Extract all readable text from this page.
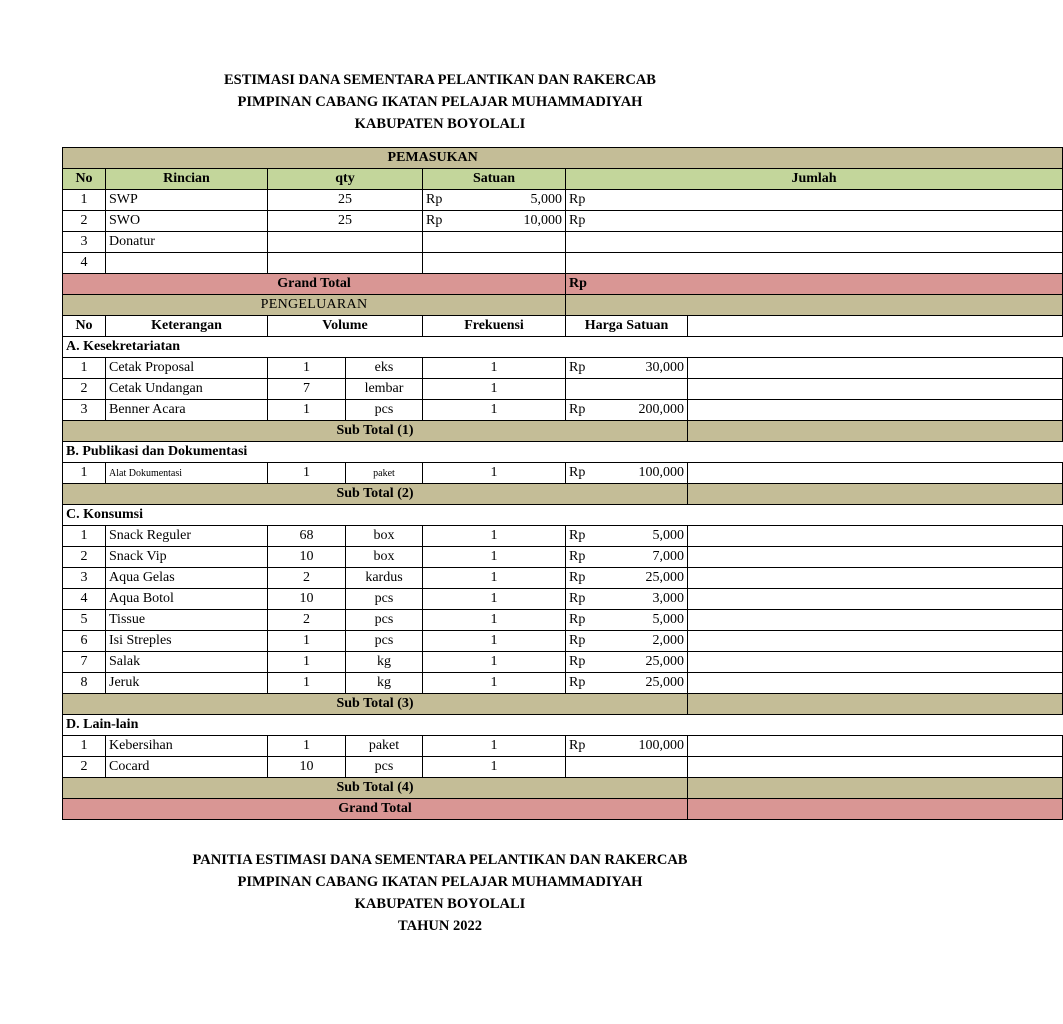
ESTIMASI DANA SEMENTARA PELANTIKAN DAN RAKERCAB
PIMPINAN CABANG IKATAN PELAJAR MUHAMMADIYAH
KABUPATEN BOYOLALI
					PEMASUKAN	
No	Rincian	qty		Satuan	Jumlah	
1	SWP	25		Rp 5,000	Rp	
2	SWO	25		Rp 10,000	Rp	
3	Donatur				

4					

Grand Total					Rp	
PENGELUARAN						
No	Keterangan	Volume		Frekuensi	Harga Satuan	
A. Kesekretariatan						
1	Cetak Proposal	1	eks	1	Rp 30,000	

2	Cetak Undangan	7	lembar	1	

3	Benner Acara	1	pcs	1	Rp 200,000	

Sub Total (1)						
B. Publikasi dan Dokumentasi						
1	Alat Dokumentasi	1	paket	1	Rp 100,000	

Sub Total (2)						
C. Konsumsi						
1	Snack Reguler	68	box	1	Rp 5,000	

2	Snack Vip	10	box	1	Rp 7,000	

3	Aqua Gelas	2	kardus	1	Rp 25,000	

4	Aqua Botol	10	pcs	1	Rp 3,000	

5	Tissue	2	pcs	1	Rp 5,000	

6	Isi Streples	1	pcs	1	Rp 2,000	

7	Salak	1	kg	1	Rp 25,000	

8	Jeruk	1	kg	1	Rp 25,000	

Sub Total (3)						
D. Lain-lain						
1	Kebersihan	1	paket	1	Rp 100,000	

2	Cocard	10	pcs	1	

Sub Total (4)						
Grand Total						
PANITIA ESTIMASI DANA SEMENTARA PELANTIKAN DAN RAKERCAB
PIMPINAN CABANG IKATAN PELAJAR MUHAMMADIYAH
KABUPATEN BOYOLALI
TAHUN 2022
